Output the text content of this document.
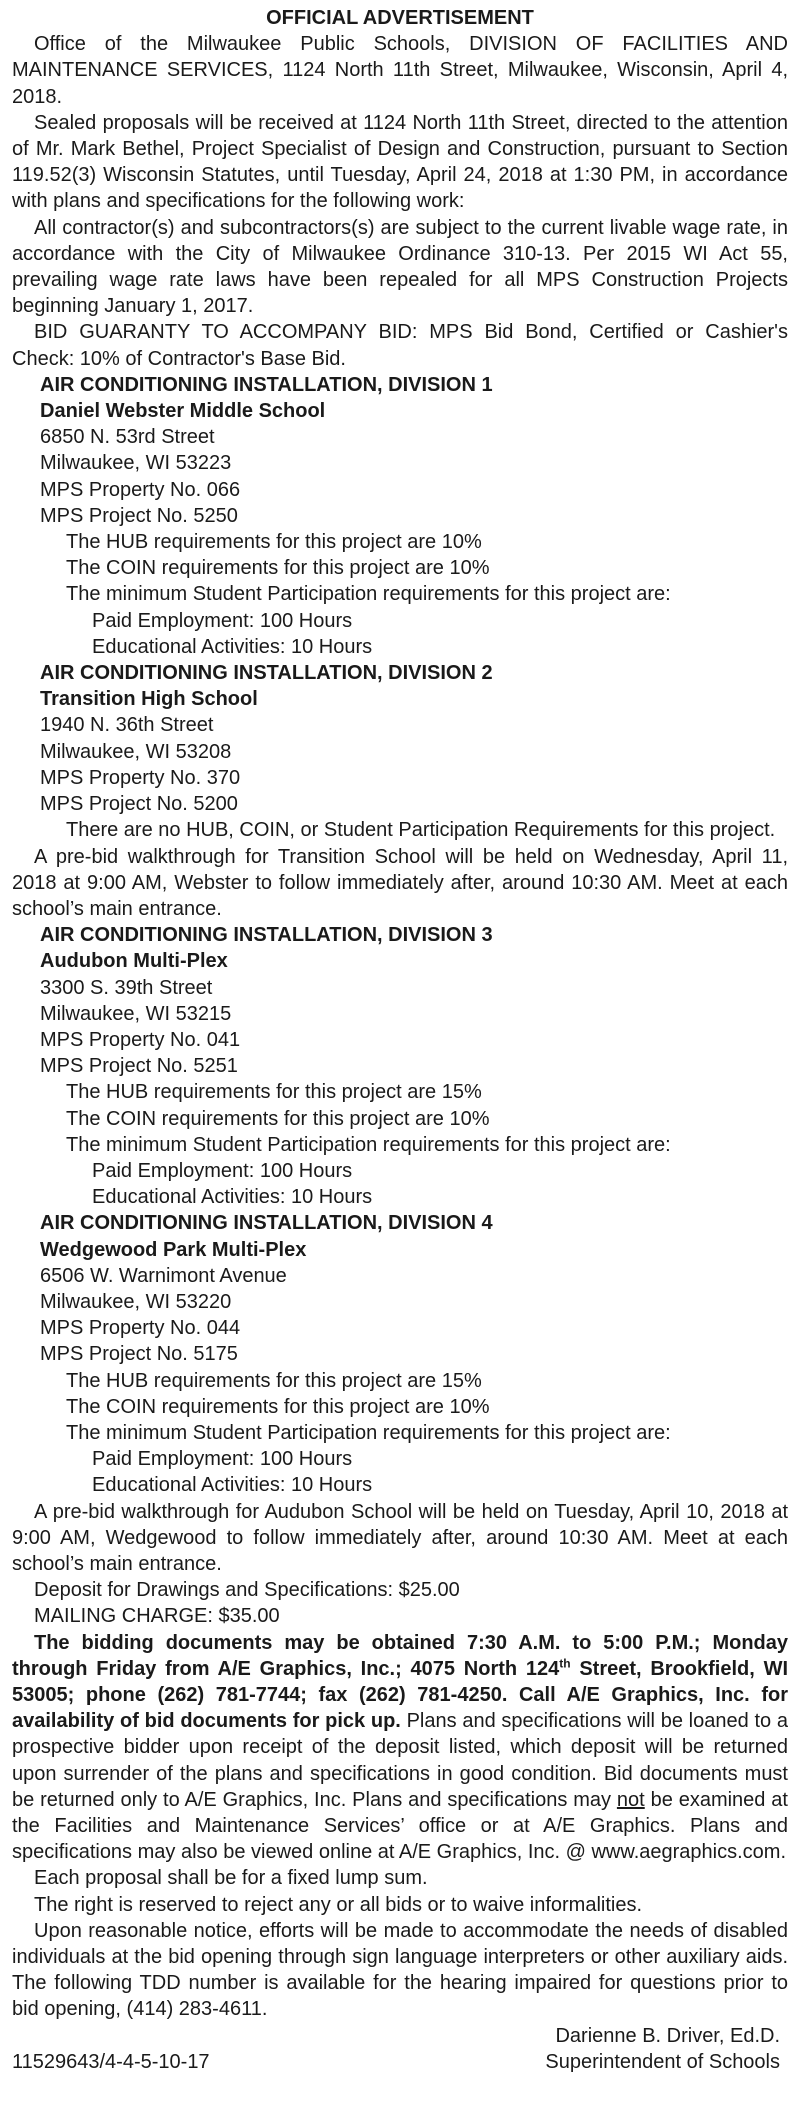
OFFICIAL ADVERTISEMENT

Office of the Milwaukee Public Schools, DIVISION OF FACILITIES AND MAINTENANCE SERVICES, 1124 North 11th Street, Milwaukee, Wisconsin, April 4, 2018.

Sealed proposals will be received at 1124 North 11th Street, directed to the attention of Mr. Mark Bethel, Project Specialist of Design and Construction, pursuant to Section 119.52(3) Wisconsin Statutes, until Tuesday, April 24, 2018 at 1:30 PM, in accordance with plans and specifications for the following work:

All contractor(s) and subcontractors(s) are subject to the current livable wage rate, in accordance with the City of Milwaukee Ordinance 310-13. Per 2015 WI Act 55, prevailing wage rate laws have been repealed for all MPS Construction Projects beginning January 1, 2017.

BID GUARANTY TO ACCOMPANY BID: MPS Bid Bond, Certified or Cashier's Check: 10% of Contractor's Base Bid.

AIR CONDITIONING INSTALLATION, DIVISION 1

Daniel Webster Middle School

6850 N. 53rd Street

Milwaukee, WI 53223

MPS Property No. 066

MPS Project No. 5250

The HUB requirements for this project are 10%

The COIN requirements for this project are 10%

The minimum Student Participation requirements for this project are:

Paid Employment: 100 Hours

Educational Activities: 10 Hours

AIR CONDITIONING INSTALLATION, DIVISION 2

Transition High School

1940 N. 36th Street

Milwaukee, WI 53208

MPS Property No. 370

MPS Project No. 5200

There are no HUB, COIN, or Student Participation Requirements for this project.

A pre-bid walkthrough for Transition School will be held on Wednesday, April 11, 2018 at 9:00 AM, Webster to follow immediately after, around 10:30 AM. Meet at each school’s main entrance.

AIR CONDITIONING INSTALLATION, DIVISION 3

Audubon Multi-Plex

3300 S. 39th Street

Milwaukee, WI 53215

MPS Property No. 041

MPS Project No. 5251

The HUB requirements for this project are 15%

The COIN requirements for this project are 10%

The minimum Student Participation requirements for this project are:

Paid Employment: 100 Hours

Educational Activities: 10 Hours

AIR CONDITIONING INSTALLATION, DIVISION 4

Wedgewood Park Multi-Plex

6506 W. Warnimont Avenue

Milwaukee, WI 53220

MPS Property No. 044

MPS Project No. 5175

The HUB requirements for this project are 15%

The COIN requirements for this project are 10%

The minimum Student Participation requirements for this project are:

Paid Employment: 100 Hours

Educational Activities: 10 Hours

A pre-bid walkthrough for Audubon School will be held on Tuesday, April 10, 2018 at 9:00 AM, Wedgewood to follow immediately after, around 10:30 AM. Meet at each school’s main entrance.

Deposit for Drawings and Specifications: $25.00

MAILING CHARGE: $35.00

The bidding documents may be obtained 7:30 A.M. to 5:00 P.M.; Monday through Friday from A/E Graphics, Inc.; 4075 North 124th Street, Brookfield, WI 53005; phone (262) 781-7744; fax (262) 781-4250. Call A/E Graphics, Inc. for availability of bid documents for pick up. Plans and specifications will be loaned to a prospective bidder upon receipt of the deposit listed, which deposit will be returned upon surrender of the plans and specifications in good condition. Bid documents must be returned only to A/E Graphics, Inc. Plans and specifications may not be examined at the Facilities and Maintenance Services’ office or at A/E Graphics. Plans and specifications may also be viewed online at A/E Graphics, Inc. @ www.aegraphics.com.

Each proposal shall be for a fixed lump sum.

The right is reserved to reject any or all bids or to waive informalities.

Upon reasonable notice, efforts will be made to accommodate the needs of disabled individuals at the bid opening through sign language interpreters or other auxiliary aids. The following TDD number is available for the hearing impaired for questions prior to bid opening, (414) 283-4611.

Darienne B. Driver, Ed.D.

11529643/4-4-5-10-17	Superintendent of Schools
